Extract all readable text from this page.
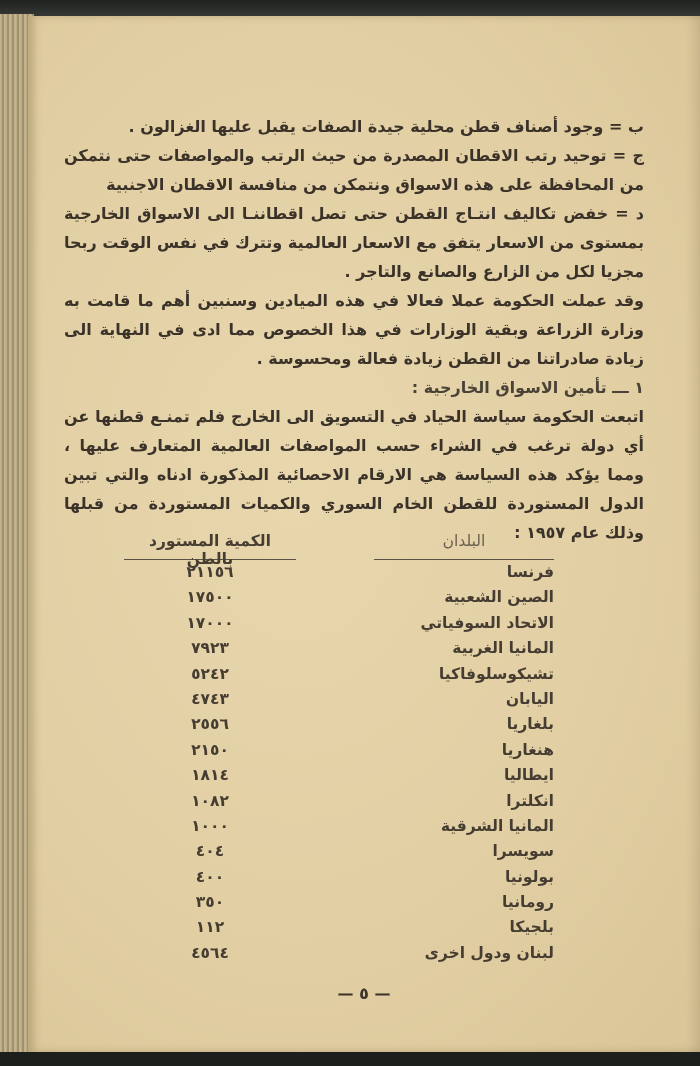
ب = وجود أصناف قطن محلية جيدة الصفات يقبل عليها الغزالون .

ج = توحيد رتب الاقطان المصدرة من حيث الرتب والمواصفات حتى نتمكن من المحافظة على هذه الاسواق ونتمكن من منافسة الاقطان الاجنبية

د = خفض تكاليف انتـاج القطن حتى تصل اقطاننـا الى الاسواق الخارجية بمستوى من الاسعار يتفق مع الاسعار العالمية وتترك في نفس الوقت ربحا مجزيا لكل من الزارع والصانع والتاجر .

وقد عملت الحكومة عملا فعالا في هذه الميادين وسنبين أهم ما قامت به وزارة الزراعة وبقية الوزارات في هذا الخصوص مما ادى في النهاية الى زيادة صادراتنا من القطن زيادة فعالة ومحسوسة .

١ ـــ تأمين الاسواق الخارجية :

اتبعت الحكومة سياسة الحياد في التسويق الى الخارج فلم تمنـع قطنها عن أي دولة ترغب في الشراء حسب المواصفات العالمية المتعارف عليها ، ومما يؤكد هذه السياسة هي الارقام الاحصائية المذكورة ادناه والتي تبين الدول المستوردة للقطن الخام السوري والكميات المستوردة من قبلها وذلك عام ١٩٥٧ :

البلدان
الكمية المستورد بالطن
فرنسا
٢١١٥٦
الصين الشعبية
١٧٥٠٠
الاتحاد السوفياتي
١٧٠٠٠
المانيا الغربية
٧٩٢٣
تشيكوسلوفاكيا
٥٢٤٢
اليابان
٤٧٤٣
بلغاريا
٢٥٥٦
هنغاريا
٢١٥٠
ايطاليا
١٨١٤
انكلترا
١٠٨٢
المانيا الشرقية
١٠٠٠
سويسرا
٤٠٤
بولونيا
٤٠٠
رومانيا
٣٥٠
بلجيكا
١١٢
لبنان ودول اخرى
٤٥٦٤
— ٥ —
